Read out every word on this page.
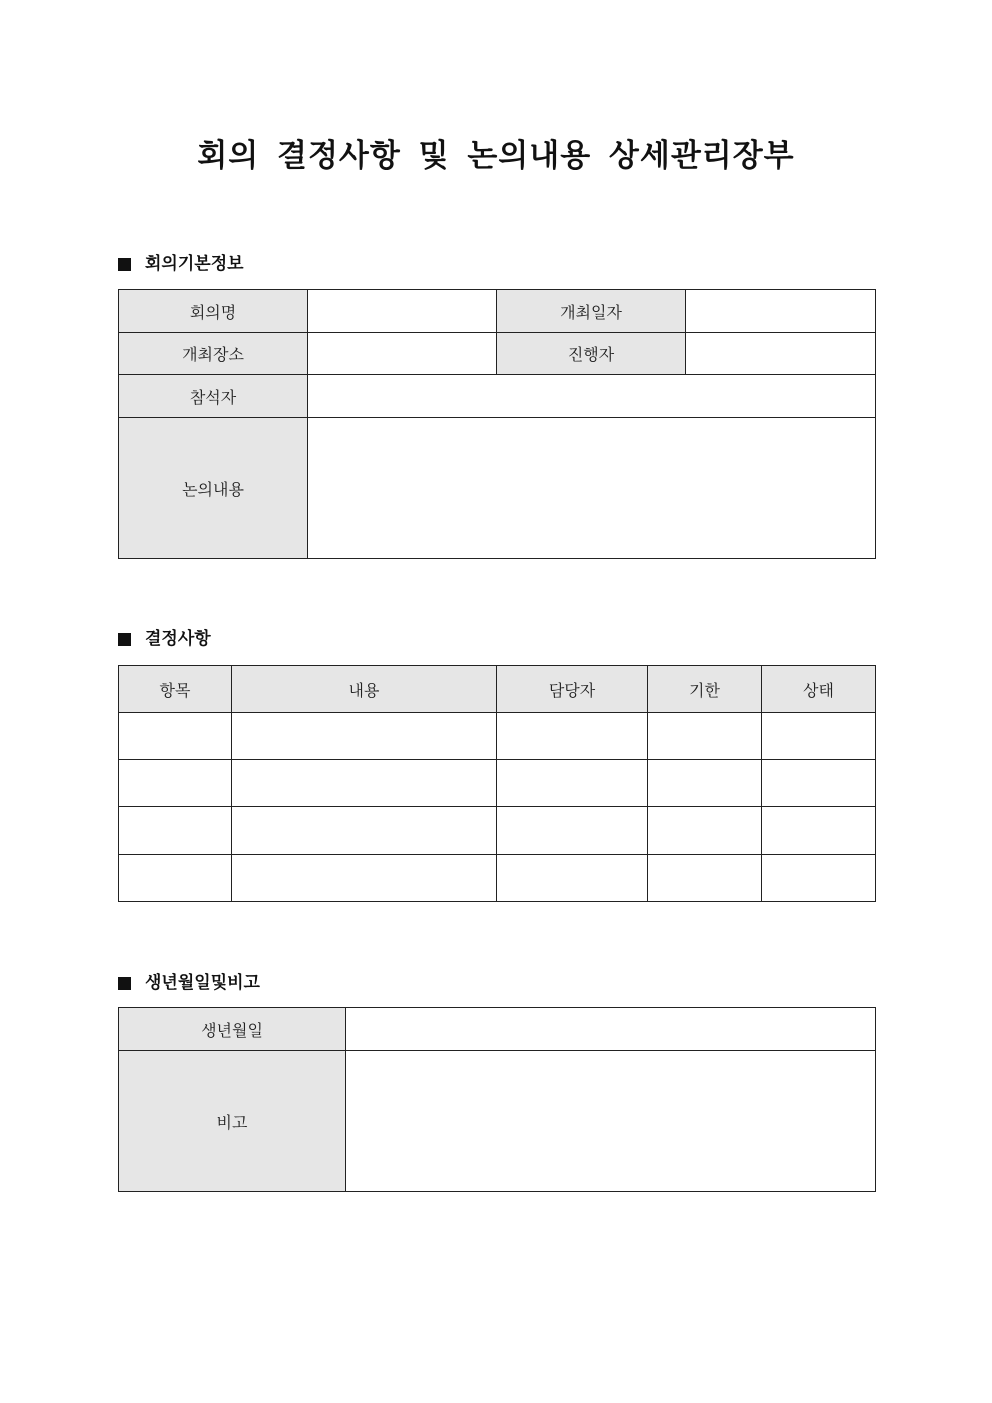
회의 결정사항 및 논의내용 상세관리장부
회의기본정보
회의명		개최일자	
개최장소		진행자	
참석자			
논의내용			
결정사항
항목	내용	담당자	기한	상태

생년월일및비고
생년월일	
비고	
